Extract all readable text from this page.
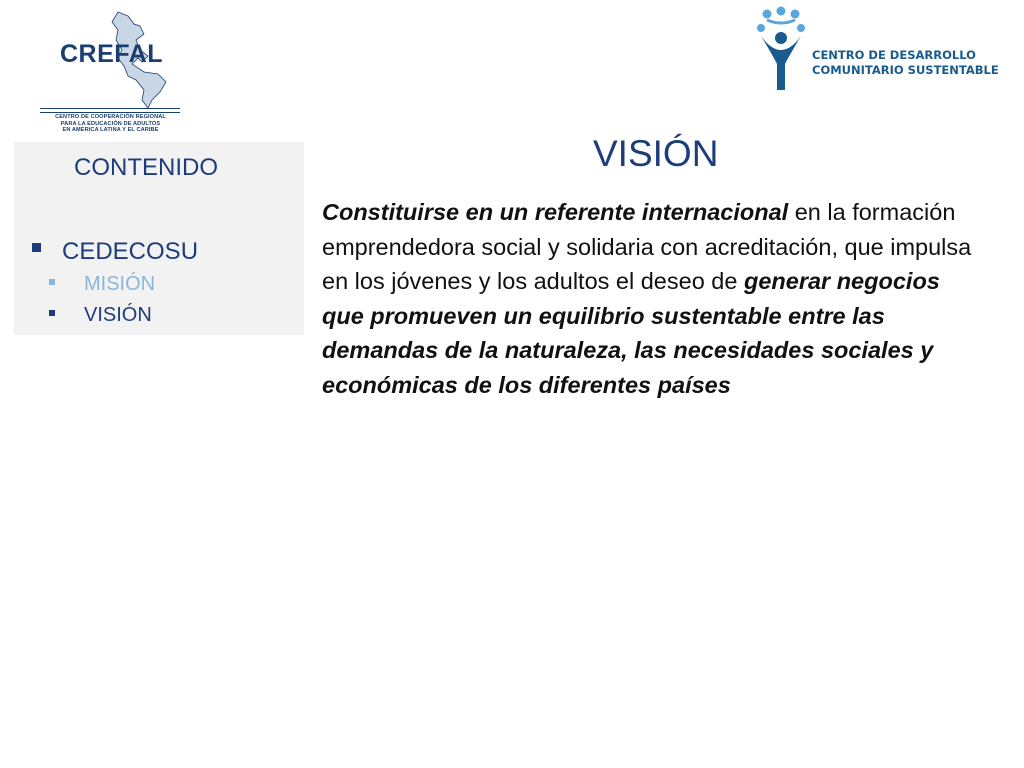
CREFAL
CENTRO DE COOPERACIÓN REGIONAL
PARA LA EDUCACIÓN DE ADULTOS
EN AMÉRICA LATINA Y EL CARIBE
CENTRO DE DESARROLLO
COMUNITARIO SUSTENTABLE
CONTENIDO
CEDECOSU
MISIÓN
VISIÓN
VISIÓN
Constituirse en un referente internacional en la formación emprendedora social y solidaria con acreditación, que impulsa en los jóvenes y los adultos el deseo de generar negocios que promueven un equilibrio sustentable entre las demandas de la naturaleza, las necesidades sociales y económicas de los diferentes países
